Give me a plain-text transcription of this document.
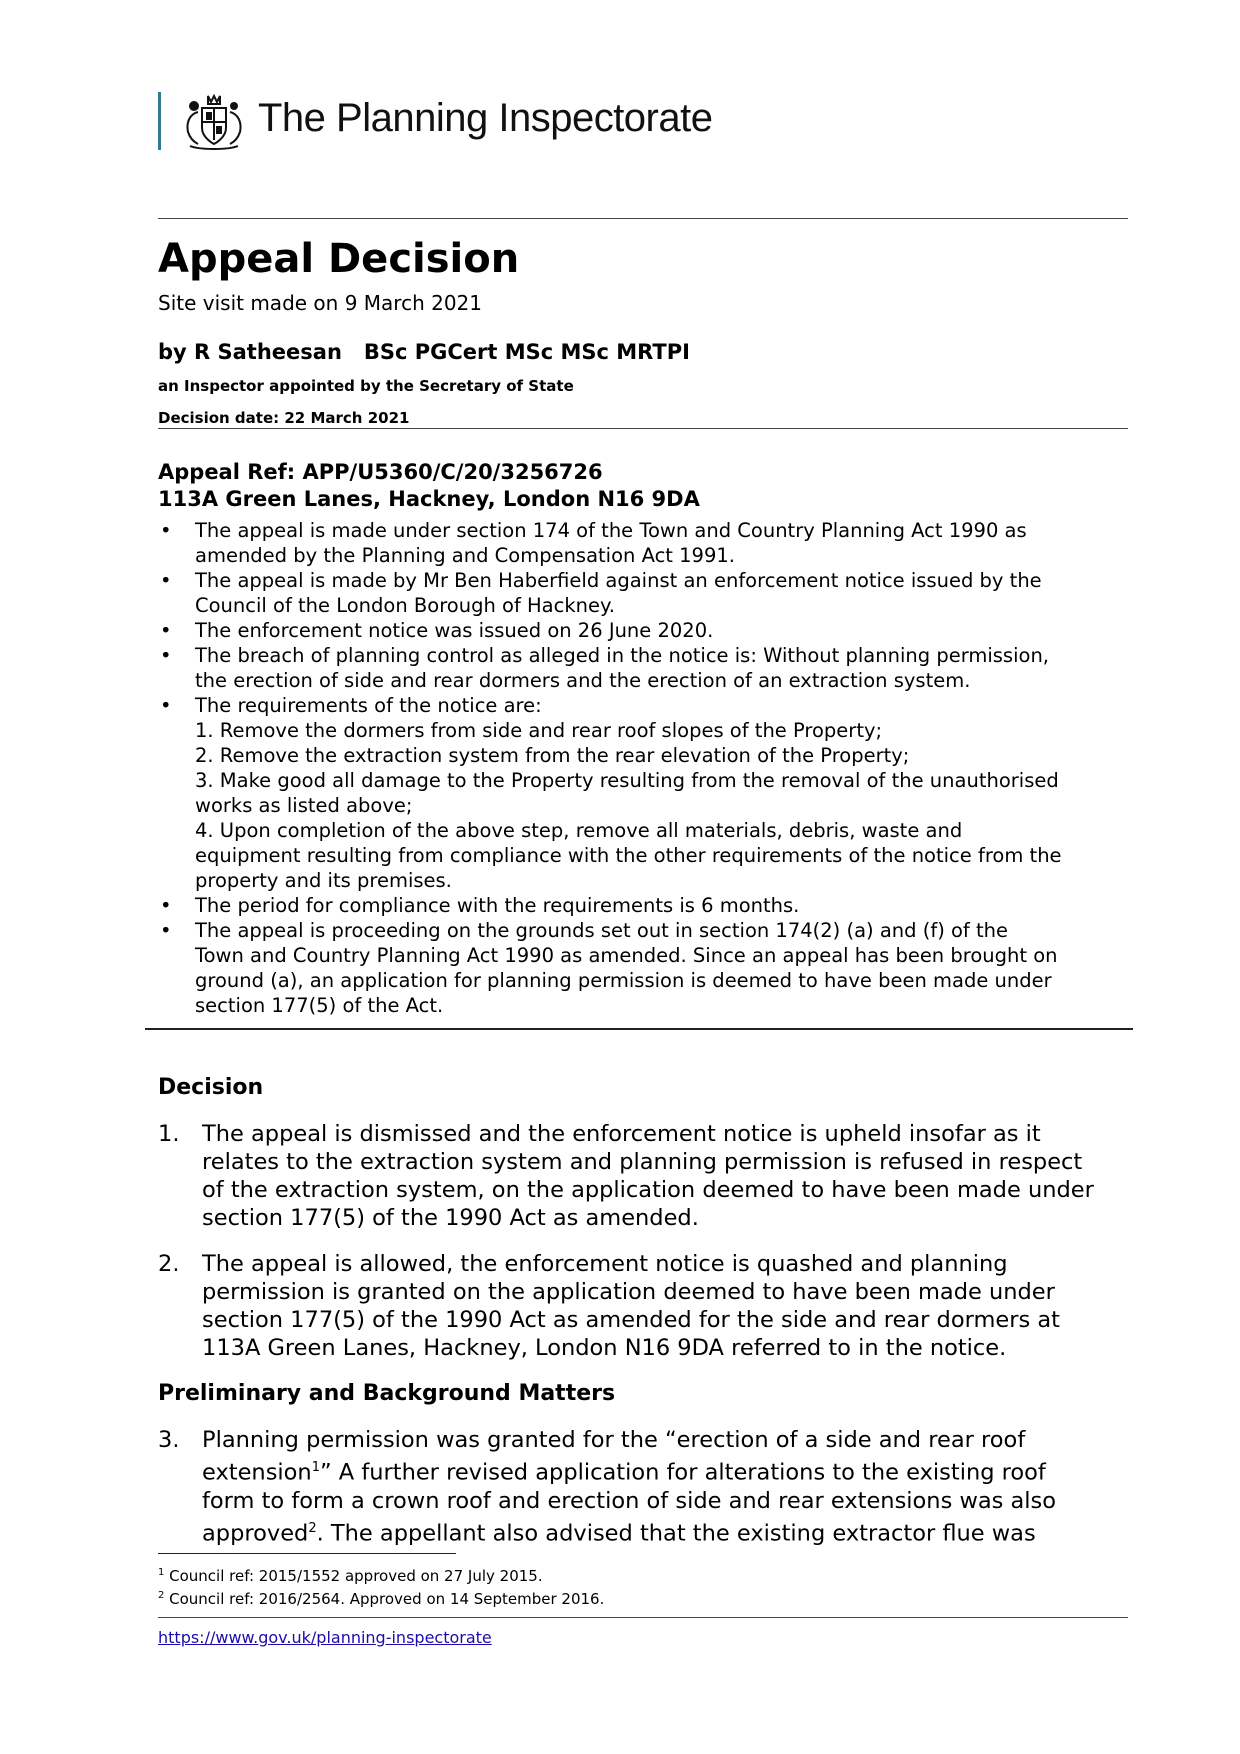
The Planning Inspectorate
Appeal Decision
Site visit made on 9 March 2021
by R Satheesan   BSc PGCert MSc MSc MRTPI
an Inspector appointed by the Secretary of State
Decision date: 22 March 2021
Appeal Ref: APP/U5360/C/20/3256726
113A Green Lanes, Hackney, London N16 9DA
• The appeal is made under section 174 of the Town and Country Planning Act 1990 as
amended by the Planning and Compensation Act 1991.
• The appeal is made by Mr Ben Haberfield against an enforcement notice issued by the
Council of the London Borough of Hackney.
• The enforcement notice was issued on 26 June 2020.
• The breach of planning control as alleged in the notice is: Without planning permission,
the erection of side and rear dormers and the erection of an extraction system.
• The requirements of the notice are:
1. Remove the dormers from side and rear roof slopes of the Property;
2. Remove the extraction system from the rear elevation of the Property;
3. Make good all damage to the Property resulting from the removal of the unauthorised
works as listed above;
4. Upon completion of the above step, remove all materials, debris, waste and
equipment resulting from compliance with the other requirements of the notice from the
property and its premises.
• The period for compliance with the requirements is 6 months.
• The appeal is proceeding on the grounds set out in section 174(2) (a) and (f) of the
Town and Country Planning Act 1990 as amended. Since an appeal has been brought on
ground (a), an application for planning permission is deemed to have been made under
section 177(5) of the Act.
Decision
1. The appeal is dismissed and the enforcement notice is upheld insofar as it
relates to the extraction system and planning permission is refused in respect
of the extraction system, on the application deemed to have been made under
section 177(5) of the 1990 Act as amended.
2. The appeal is allowed, the enforcement notice is quashed and planning
permission is granted on the application deemed to have been made under
section 177(5) of the 1990 Act as amended for the side and rear dormers at
113A Green Lanes, Hackney, London N16 9DA referred to in the notice.
Preliminary and Background Matters
3. Planning permission was granted for the “erection of a side and rear roof
extension$^1$” A further revised application for alterations to the existing roof
form to form a crown roof and erection of side and rear extensions was also
approved$^2$. The appellant also advised that the existing extractor flue was
$^1$ Council ref: 2015/1552 approved on 27 July 2015.
$^2$ Council ref: 2016/2564. Approved on 14 September 2016.
https://www.gov.uk/planning-inspectorate
